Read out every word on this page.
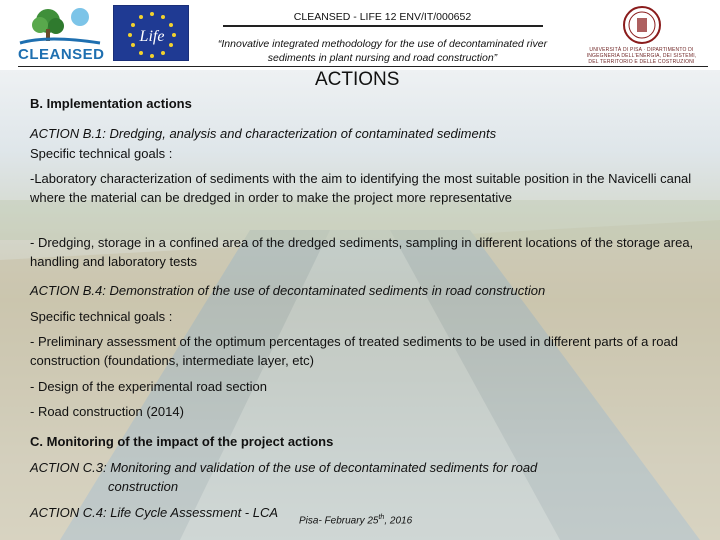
CLEANSED
Life
CLEANSED - LIFE 12 ENV/IT/000652
“Innovative integrated methodology for the use of decontaminated river sediments in plant nursing and road construction”
UNIVERSITÀ DI PISA · DIPARTIMENTO DI INGEGNERIA DELL'ENERGIA, DEI SISTEMI, DEL TERRITORIO E DELLE COSTRUZIONI
ACTIONS
B. Implementation actions
ACTION B.1: Dredging, analysis and characterization of contaminated sediments
Specific technical goals :
-Laboratory characterization of sediments with the aim to identifying the most suitable position in the Navicelli canal where the material can be dredged in order to make the project more representative
- Dredging, storage in a confined area of the dredged sediments, sampling in different locations of the storage area, handling and laboratory tests
ACTION B.4: Demonstration of the use of decontaminated sediments in road construction
Specific technical goals :
- Preliminary assessment of the optimum percentages of treated sediments to be used in different parts of a road construction (foundations, intermediate layer, etc)
- Design of the experimental road section
- Road construction (2014)
C. Monitoring of the impact of the project actions
ACTION C.3: Monitoring and validation of the use of decontaminated sediments for road
construction
ACTION C.4: Life Cycle Assessment - LCA
Pisa- February 25th, 2016
